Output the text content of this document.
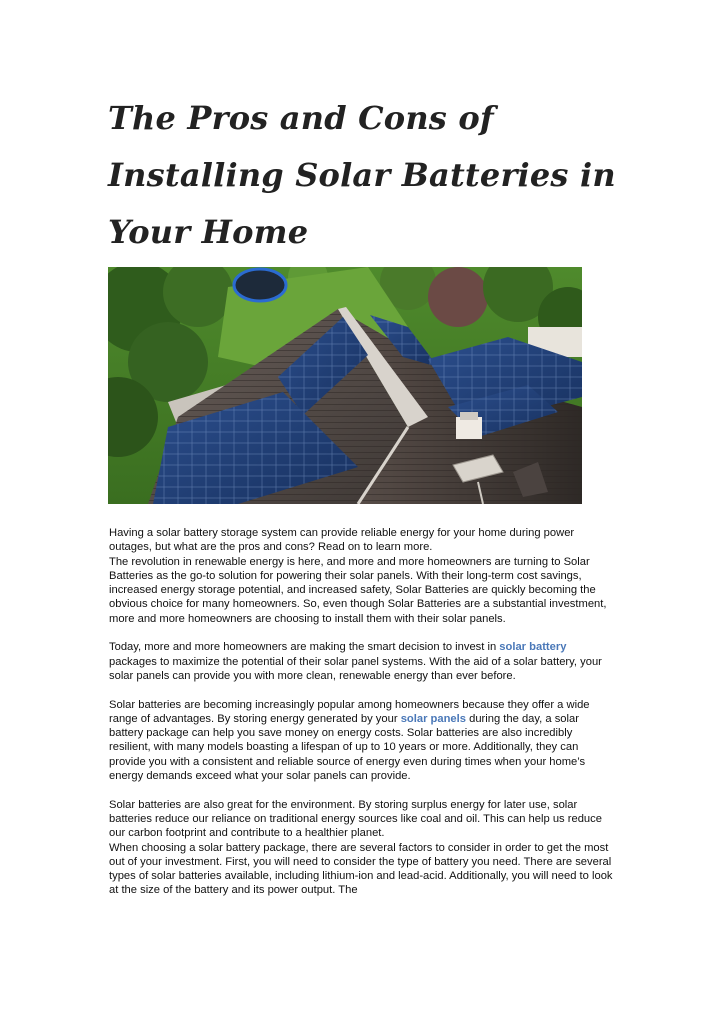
The Pros and Cons of
Installing Solar Batteries in
Your Home

Having a solar battery storage system can provide reliable energy for your home during power outages, but what are the pros and cons? Read on to learn more.

The revolution in renewable energy is here, and more and more homeowners are turning to Solar Batteries as the go-to solution for powering their solar panels. With their long-term cost savings, increased energy storage potential, and increased safety, Solar Batteries are quickly becoming the obvious choice for many homeowners. So, even though Solar Batteries are a substantial investment, more and more homeowners are choosing to install them with their solar panels.

Today, more and more homeowners are making the smart decision to invest in solar battery packages to maximize the potential of their solar panel systems. With the aid of a solar battery, your solar panels can provide you with more clean, renewable energy than ever before.

Solar batteries are becoming increasingly popular among homeowners because they offer a wide range of advantages. By storing energy generated by your solar panels during the day, a solar battery package can help you save money on energy costs. Solar batteries are also incredibly resilient, with many models boasting a lifespan of up to 10 years or more. Additionally, they can provide you with a consistent and reliable source of energy even during times when your home’s energy demands exceed what your solar panels can provide.

Solar batteries are also great for the environment. By storing surplus energy for later use, solar batteries reduce our reliance on traditional energy sources like coal and oil. This can help us reduce our carbon footprint and contribute to a healthier planet.

When choosing a solar battery package, there are several factors to consider in order to get the most out of your investment. First, you will need to consider the type of battery you need. There are several types of solar batteries available, including lithium-ion and lead-acid. Additionally, you will need to look at the size of the battery and its power output. The
